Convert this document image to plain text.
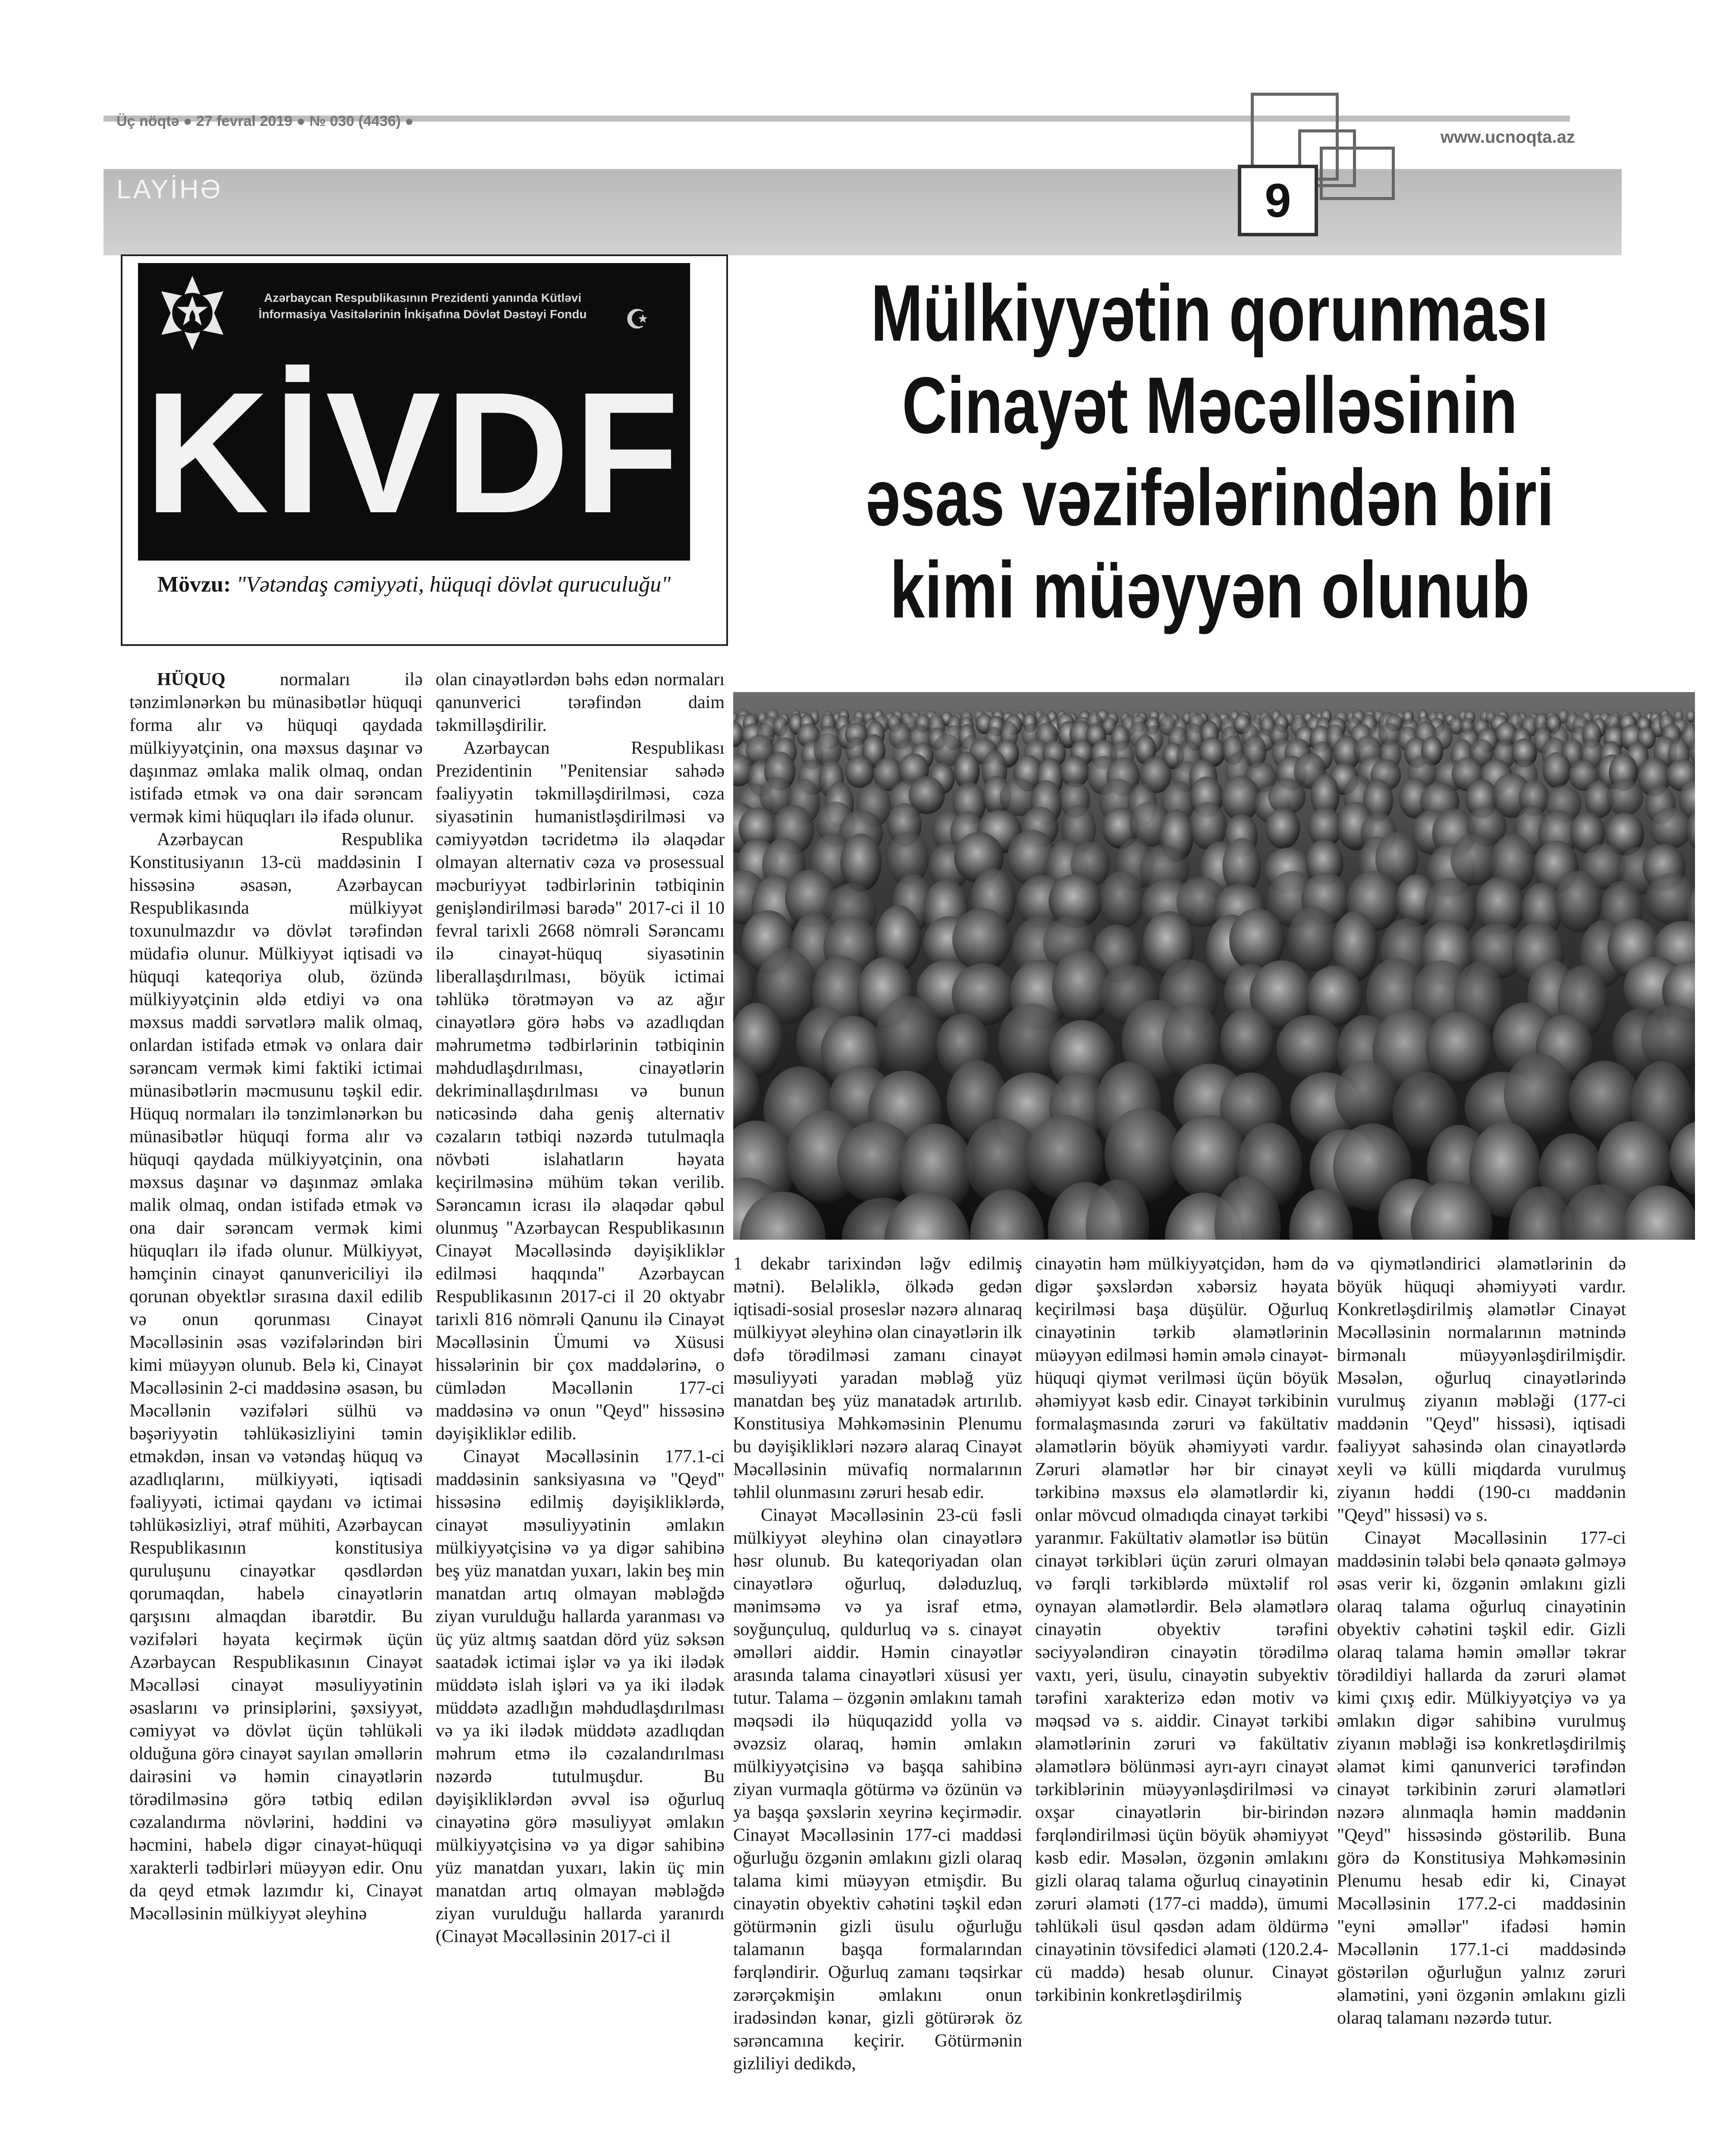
Üç nöqtə ● 27 fevral 2019 ● № 030 (4436) ●
www.ucnoqta.az
LAYİHƏ	9
Azərbaycan Respublikasının Prezidenti yanında Kütləvi İnformasiya Vasitələrinin İnkişafına Dövlət Dəstəyi Fondu	☪
KİVDF
Mövzu: "Vətəndaş cəmiyyəti, hüquqi dövlət quruculuğu"
Mülkiyyətin qorunması Cinayət Məcəlləsinin əsas vəzifələrindən biri kimi müəyyən olunub

HÜQUQ normaları ilə tənzimlənərkən bu münasibətlər hüquqi forma alır və hüquqi qaydada mülkiyyətçinin, ona məxsus daşınar və daşınmaz əmlaka malik olmaq, ondan istifadə etmək və ona dair sərəncam vermək kimi hüquqları ilə ifadə olunur.

Azərbaycan Respublika Konstitusiyanın 13-cü maddəsinin I hissəsinə əsasən, Azərbaycan Respublikasında mülkiyyət toxunulmazdır və dövlət tərəfindən müdafiə olunur. Mülkiyyət iqtisadi və hüquqi kateqoriya olub, özündə mülkiyyətçinin əldə etdiyi və ona məxsus maddi sərvətlərə malik olmaq, onlardan istifadə etmək və onlara dair sərəncam vermək kimi faktiki ictimai münasibətlərin məcmusunu təşkil edir. Hüquq normaları ilə tənzimlənərkən bu münasibətlər hüquqi forma alır və hüquqi qaydada mülkiyyətçinin, ona məxsus daşınar və daşınmaz əmlaka malik olmaq, ondan istifadə etmək və ona dair sərəncam vermək kimi hüquqları ilə ifadə olunur. Mülkiyyət, həmçinin cinayət qanunvericiliyi ilə qorunan obyektlər sırasına daxil edilib və onun qorunması Cinayət Məcəlləsinin əsas vəzifələrindən biri kimi müəyyən olunub. Belə ki, Cinayət Məcəlləsinin 2-ci maddəsinə əsasən, bu Məcəllənin vəzifələri sülhü və bəşəriyyətin təhlükəsizliyini təmin etməkdən, insan və vətəndaş hüquq və azadlıqlarını, mülkiyyəti, iqtisadi fəaliyyəti, ictimai qaydanı və ictimai təhlükəsizliyi, ətraf mühiti, Azərbaycan Respublikasının konstitusiya quruluşunu cinayətkar qəsdlərdən qorumaqdan, habelə cinayətlərin qarşısını almaqdan ibarətdir. Bu vəzifələri həyata keçirmək üçün Azərbaycan Respublikasının Cinayət Məcəlləsi cinayət məsuliyyətinin əsaslarını və prinsiplərini, şəxsiyyət, cəmiyyət və dövlət üçün təhlükəli olduğuna görə cinayət sayılan əməllərin dairəsini və həmin cinayətlərin törədilməsinə görə tətbiq edilən cəzalandırma növlərini, həddini və həcmini, habelə digər cinayət-hüquqi xarakterli tədbirləri müəyyən edir. Onu da qeyd etmək lazımdır ki, Cinayət Məcəlləsinin mülkiyyət əleyhinə

olan cinayətlərdən bəhs edən normaları qanunverici tərəfindən daim təkmilləşdirilir.

Azərbaycan Respublikası Prezidentinin "Penitensiar sahədə fəaliyyətin təkmilləşdirilməsi, cəza siyasətinin humanistləşdirilməsi və cəmiyyətdən təcridetmə ilə əlaqədar olmayan alternativ cəza və prosessual məcburiyyət tədbirlərinin tətbiqinin genişləndirilməsi barədə" 2017-ci il 10 fevral tarixli 2668 nömrəli Sərəncamı ilə cinayət-hüquq siyasətinin liberallaşdırılması, böyük ictimai təhlükə törətməyən və az ağır cinayətlərə görə həbs və azadlıqdan məhrumetmə tədbirlərinin tətbiqinin məhdudlaşdırılması, cinayətlərin dekriminallaşdırılması və bunun nəticəsində daha geniş alternativ cəzaların tətbiqi nəzərdə tutulmaqla növbəti islahatların həyata keçirilməsinə mühüm təkan verilib. Sərəncamın icrası ilə əlaqədar qəbul olunmuş "Azərbaycan Respublikasının Cinayət Məcəlləsində dəyişikliklər edilməsi haqqında" Azərbaycan Respublikasının 2017-ci il 20 oktyabr tarixli 816 nömrəli Qanunu ilə Cinayət Məcəlləsinin Ümumi və Xüsusi hissələrinin bir çox maddələrinə, o cümlədən Məcəllənin 177-ci maddəsinə və onun "Qeyd" hissəsinə dəyişikliklər edilib.

Cinayət Məcəlləsinin 177.1-ci maddəsinin sanksiyasına və "Qeyd" hissəsinə edilmiş dəyişikliklərdə, cinayət məsuliyyətinin əmlakın mülkiyyətçisinə və ya digər sahibinə beş yüz manatdan yuxarı, lakin beş min manatdan artıq olmayan məbləğdə ziyan vurulduğu hallarda yaranması və üç yüz altmış saatdan dörd yüz səksən saatadək ictimai işlər və ya iki ilədək müddətə islah işləri və ya iki ilədək müddətə azadlığın məhdudlaşdırılması və ya iki ilədək müddətə azadlıqdan məhrum etmə ilə cəzalandırılması nəzərdə tutulmuşdur. Bu dəyişikliklərdən əvvəl isə oğurluq cinayətinə görə məsuliyyət əmlakın mülkiyyətçisinə və ya digər sahibinə yüz manatdan yuxarı, lakin üç min manatdan artıq olmayan məbləğdə ziyan vurulduğu hallarda yaranırdı (Cinayət Məcəlləsinin 2017-ci il

1 dekabr tarixindən ləğv edilmiş mətni). Beləliklə, ölkədə gedən iqtisadi-sosial proseslər nəzərə alınaraq mülkiyyət əleyhinə olan cinayətlərin ilk dəfə törədilməsi zamanı cinayət məsuliyyəti yaradan məbləğ yüz manatdan beş yüz manatadək artırılıb. Konstitusiya Məhkəməsinin Plenumu bu dəyişiklikləri nəzərə alaraq Cinayət Məcəlləsinin müvafiq normalarının təhlil olunmasını zəruri hesab edir.

Cinayət Məcəlləsinin 23-cü fəsli mülkiyyət əleyhinə olan cinayətlərə həsr olunub. Bu kateqoriyadan olan cinayətlərə oğurluq, dələduzluq, mənimsəmə və ya israf etmə, soyğunçuluq, quldurluq və s. cinayət əməlləri aiddir. Həmin cinayətlər arasında talama cinayətləri xüsusi yer tutur. Talama – özgənin əmlakını tamah məqsədi ilə hüquqazidd yolla və əvəzsiz olaraq, həmin əmlakın mülkiyyətçisinə və başqa sahibinə ziyan vurmaqla götürmə və özünün və ya başqa şəxslərin xeyrinə keçirmədir. Cinayət Məcəlləsinin 177-ci maddəsi oğurluğu özgənin əmlakını gizli olaraq talama kimi müəyyən etmişdir. Bu cinayətin obyektiv cəhətini təşkil edən götürmənin gizli üsulu oğurluğu talamanın başqa formalarından fərqləndirir. Oğurluq zamanı təqsirkar zərərçəkmişin əmlakını onun iradəsindən kənar, gizli götürərək öz sərəncamına keçirir. Götürmənin gizliliyi dedikdə,

cinayətin həm mülkiyyətçidən, həm də digər şəxslərdən xəbərsiz həyata keçirilməsi başa düşülür. Oğurluq cinayətinin tərkib əlamətlərinin müəyyən edilməsi həmin əmələ cinayət-hüquqi qiymət verilməsi üçün böyük əhəmiyyət kəsb edir. Cinayət tərkibinin formalaşmasında zəruri və fakültativ əlamətlərin böyük əhəmiyyəti vardır. Zəruri əlamətlər hər bir cinayət tərkibinə məxsus elə əlamətlərdir ki, onlar mövcud olmadıqda cinayət tərkibi yaranmır. Fakültativ əlamətlər isə bütün cinayət tərkibləri üçün zəruri olmayan və fərqli tərkiblərdə müxtəlif rol oynayan əlamətlərdir. Belə əlamətlərə cinayətin obyektiv tərəfini səciyyələndirən cinayətin törədilmə vaxtı, yeri, üsulu, cinayətin subyektiv tərəfini xarakterizə edən motiv və məqsəd və s. aiddir. Cinayət tərkibi əlamətlərinin zəruri və fakültativ əlamətlərə bölünməsi ayrı-ayrı cinayət tərkiblərinin müəyyənləşdirilməsi və oxşar cinayətlərin bir-birindən fərqləndirilməsi üçün böyük əhəmiyyət kəsb edir. Məsələn, özgənin əmlakını gizli olaraq talama oğurluq cinayətinin zəruri əlaməti (177-ci maddə), ümumi təhlükəli üsul qəsdən adam öldürmə cinayətinin tövsifedici əlaməti (120.2.4-cü maddə) hesab olunur. Cinayət tərkibinin konkretləşdirilmiş

və qiymətləndirici əlamətlərinin də böyük hüquqi əhəmiyyəti vardır. Konkretləşdirilmiş əlamətlər Cinayət Məcəlləsinin normalarının mətnində birmənalı müəyyənləşdirilmişdir. Məsələn, oğurluq cinayətlərində vurulmuş ziyanın məbləği (177-ci maddənin "Qeyd" hissəsi), iqtisadi fəaliyyət sahəsində olan cinayətlərdə xeyli və külli miqdarda vurulmuş ziyanın həddi (190-cı maddənin "Qeyd" hissəsi) və s.

Cinayət Məcəlləsinin 177-ci maddəsinin tələbi belə qənaətə gəlməyə əsas verir ki, özgənin əmlakını gizli olaraq talama oğurluq cinayətinin obyektiv cəhətini təşkil edir. Gizli olaraq talama həmin əməllər təkrar törədildiyi hallarda da zəruri əlamət kimi çıxış edir. Mülkiyyətçiyə və ya əmlakın digər sahibinə vurulmuş ziyanın məbləği isə konkretləşdirilmiş əlamət kimi qanunverici tərəfindən cinayət tərkibinin zəruri əlamətləri nəzərə alınmaqla həmin maddənin "Qeyd" hissəsində göstərilib. Buna görə də Konstitusiya Məhkəməsinin Plenumu hesab edir ki, Cinayət Məcəlləsinin 177.2-ci maddəsinin "eyni əməllər" ifadəsi həmin Məcəllənin 177.1-ci maddəsində göstərilən oğurluğun yalnız zəruri əlamətini, yəni özgənin əmlakını gizli olaraq talamanı nəzərdə tutur.
